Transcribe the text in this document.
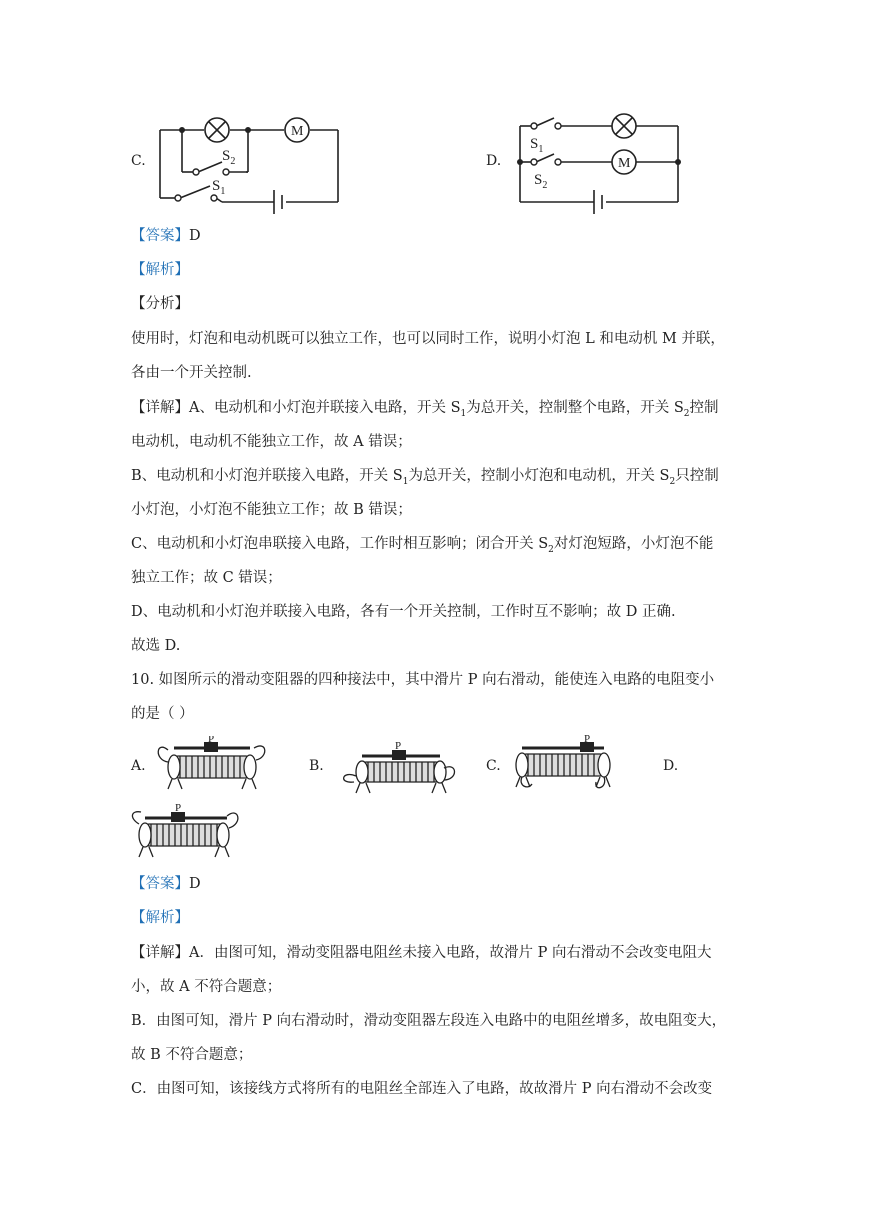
C.
M
$S_2$
$S_1$
D.	M
$S_1$
$S_2$
【答案】D
【解析】
【分析】
使用时，灯泡和电动机既可以独立工作，也可以同时工作，说明小灯泡 L 和电动机 M 并联，
各由一个开关控制.
【详解】A、电动机和小灯泡并联接入电路，开关 $S_1$为总开关，控制整个电路，开关 $S_2$控制
电动机，电动机不能独立工作，故 A 错误；
B、电动机和小灯泡并联接入电路，开关 $S_1$为总开关，控制小灯泡和电动机，开关 $S_2$只控制
小灯泡，小灯泡不能独立工作；故 B 错误；
C、电动机和小灯泡串联接入电路，工作时相互影响；闭合开关 $S_2$对灯泡短路，小灯泡不能
独立工作；故 C 错误；
D、电动机和小灯泡并联接入电路，各有一个开关控制，工作时互不影响；故 D 正确.
故选 D.
10. 如图所示的滑动变阻器的四种接法中，其中滑片 P 向右滑动，能使连入电路的电阻变小
的是（ ）
A.	B.	C.	D.
P
P
P
P
【答案】D
【解析】
【详解】A．由图可知，滑动变阻器电阻丝未接入电路，故滑片 P 向右滑动不会改变电阻大
小，故 A 不符合题意；
B．由图可知，滑片 P 向右滑动时，滑动变阻器左段连入电路中的电阻丝增多，故电阻变大，
故 B 不符合题意；
C．由图可知，该接线方式将所有的电阻丝全部连入了电路，故故滑片 P 向右滑动不会改变
